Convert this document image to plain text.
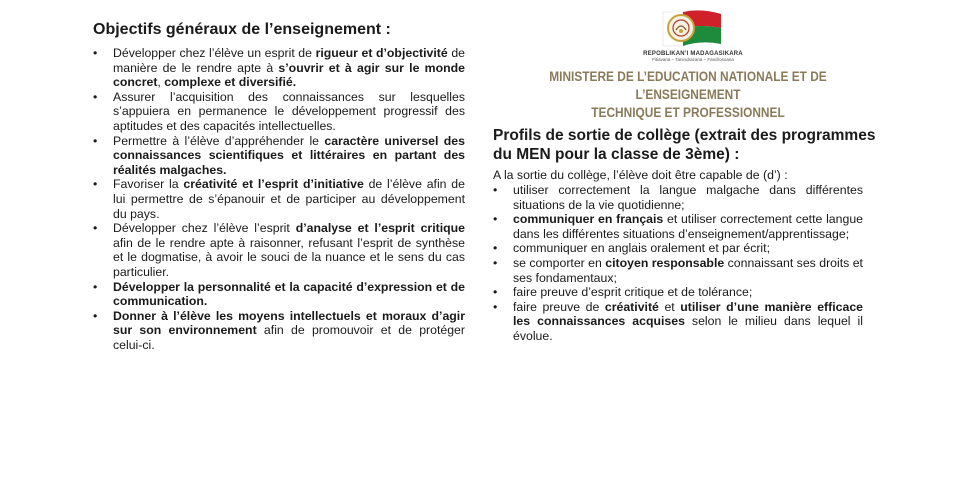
Objectifs généraux de l’enseignement :
• Développer chez l’élève un esprit de rigueur et d’objectivité de manière de le rendre apte à s’ouvrir et à agir sur le monde concret, complexe et diversifié.
• Assurer l’acquisition des connaissances sur lesquelles s’appuiera en permanence le développement progressif des aptitudes et des capacités intellectuelles.
• Permettre à l’élève d’appréhender le caractère universel des connaissances scientifiques et littéraires en partant des réalités malgaches.
• Favoriser la créativité et l’esprit d’initiative de l’élève afin de lui permettre de s’épanouir et de participer au développement du pays.
• Développer chez l’élève l’esprit d’analyse et l’esprit critique afin de le rendre apte à raisonner, refusant l’esprit de synthèse et le dogmatise, à avoir le souci de la nuance et le sens du cas particulier.
• Développer la personnalité et la capacité d’expression et de communication.
• Donner à l’élève les moyens intellectuels et moraux d’agir sur son environnement afin de promouvoir et de protéger celui-ci.
REPOBLIKAN’I MADAGASIKARA
Fitiavana – Tanindrazana – Fandrosoana
MINISTERE DE L’EDUCATION NATIONALE ET DE L’ENSEIGNEMENT
TECHNIQUE ET PROFESSIONNEL
Profils de sortie de collège (extrait des programmes du MEN pour la classe de 3ème) :
A la sortie du collège, l’élève doit être capable de (d’) :
• utiliser correctement la langue malgache dans différentes situations de la vie quotidienne;
• communiquer en français et utiliser correctement cette langue dans les différentes situations d’enseignement/apprentissage;
• communiquer en anglais oralement et par écrit;
• se comporter en citoyen responsable connaissant ses droits et ses fondamentaux;
• faire preuve d’esprit critique et de tolérance;
• faire preuve de créativité et utiliser d’une manière efficace les connaissances acquises selon le milieu dans lequel il évolue.
